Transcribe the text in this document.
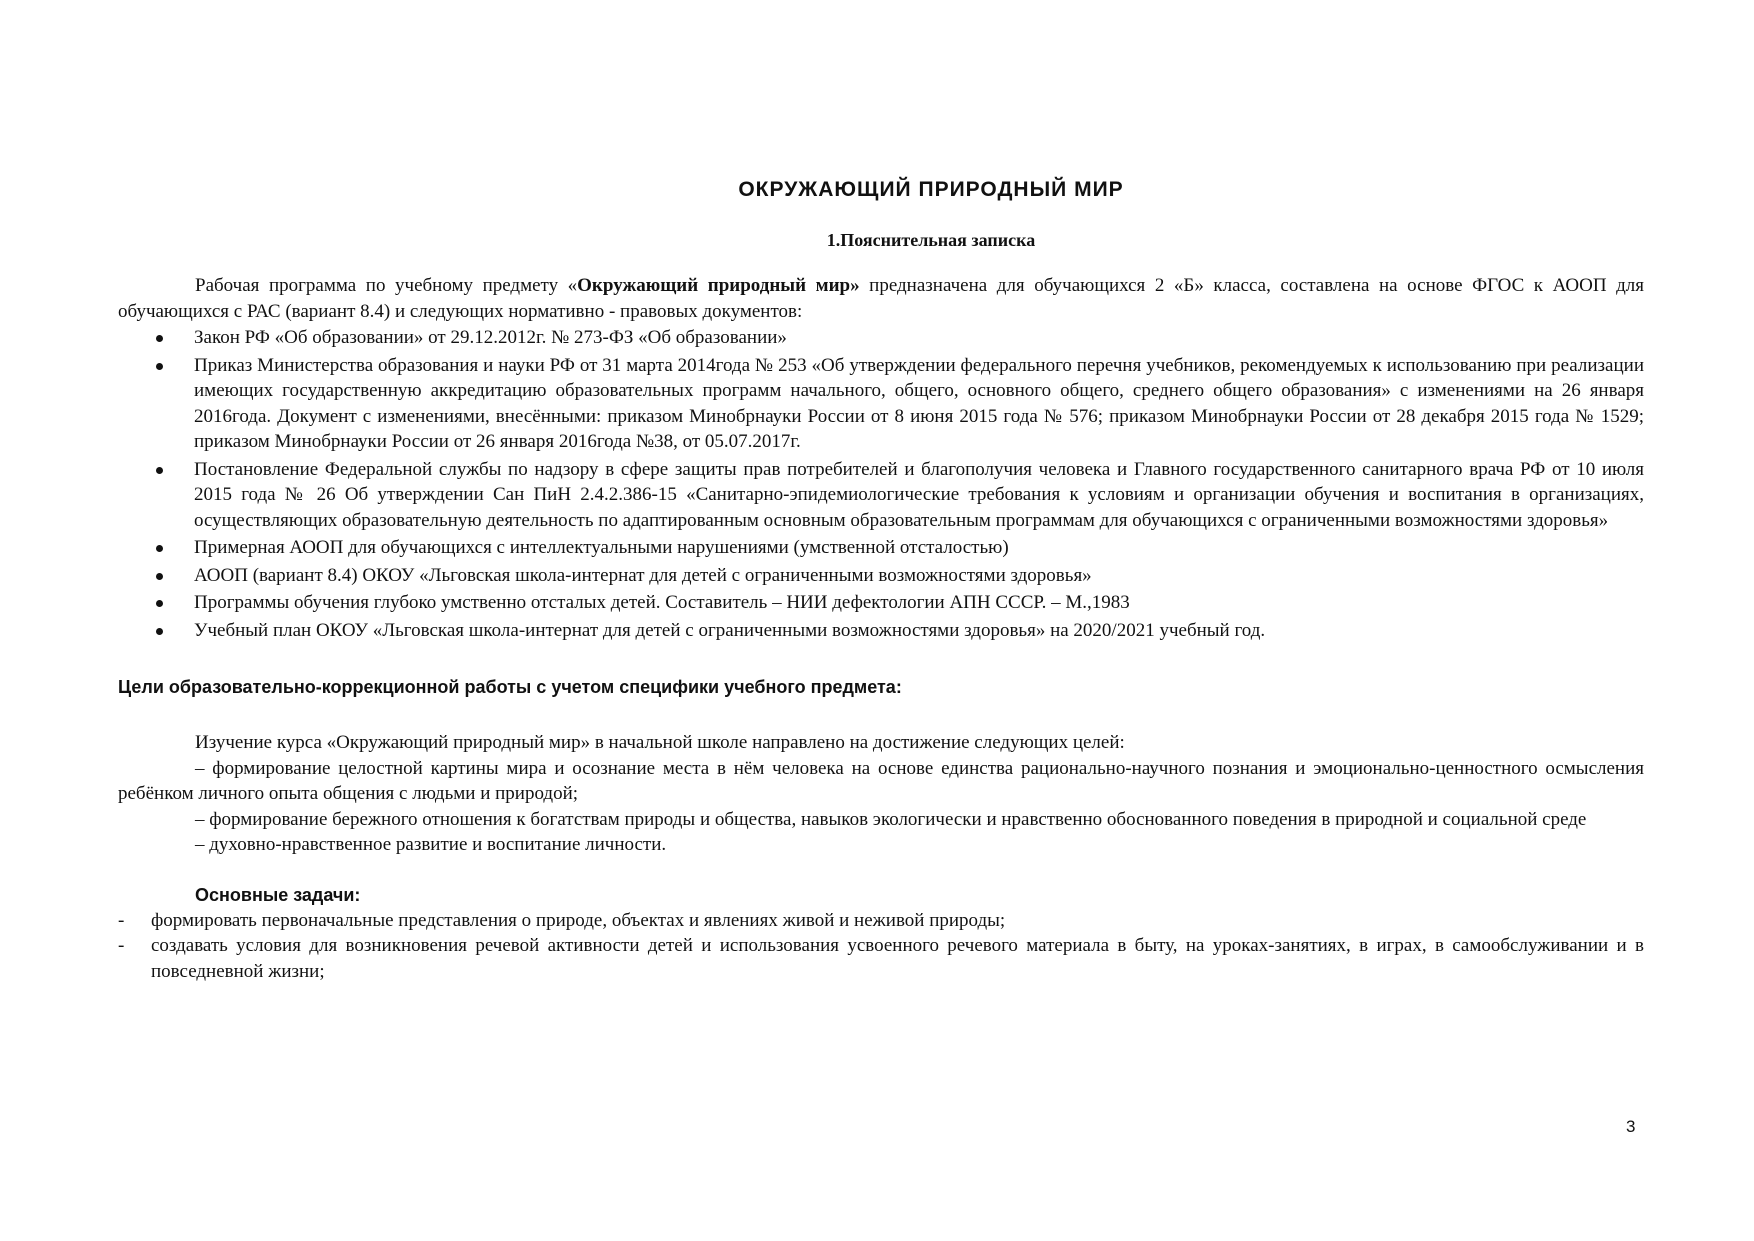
ОКРУЖАЮЩИЙ ПРИРОДНЫЙ МИР
1.Пояснительная записка

Рабочая программа по учебному предмету «Окружающий природный мир» предназначена для обучающихся 2 «Б» класса, составлена на основе ФГОС к АООП для обучающихся с РАС (вариант 8.4) и следующих нормативно - правовых документов:

Закон РФ «Об образовании» от 29.12.2012г. № 273-ФЗ «Об образовании»
Приказ Министерства образования и науки РФ от 31 марта 2014года № 253 «Об утверждении федерального перечня учебников, рекомендуемых к использованию при реализации имеющих государственную аккредитацию образовательных программ начального, общего, основного общего, среднего общего образования» с изменениями на 26 января 2016года. Документ с изменениями, внесёнными: приказом Минобрнауки России от 8 июня 2015 года № 576; приказом Минобрнауки России от 28 декабря 2015 года № 1529; приказом Минобрнауки России от 26 января 2016года №38, от 05.07.2017г.
Постановление Федеральной службы по надзору в сфере защиты прав потребителей и благополучия человека и Главного государственного санитарного врача РФ от 10 июля 2015 года № 26 Об утверждении Сан ПиН 2.4.2.386-15 «Санитарно-эпидемиологические требования к условиям и организации обучения и воспитания в организациях, осуществляющих образовательную деятельность по адаптированным основным образовательным программам для обучающихся с ограниченными возможностями здоровья»
Примерная АООП для обучающихся с интеллектуальными нарушениями (умственной отсталостью)
АООП (вариант 8.4) ОКОУ «Льговская школа-интернат для детей с ограниченными возможностями здоровья»
Программы обучения глубоко умственно отсталых детей. Составитель – НИИ дефектологии АПН СССР. – М.,1983
Учебный план ОКОУ «Льговская школа-интернат для детей с ограниченными возможностями здоровья» на 2020/2021 учебный год.
Цели образовательно-коррекционной работы с учетом специфики учебного предмета:

Изучение курса «Окружающий природный мир» в начальной школе направлено на достижение следующих целей:

– формирование целостной картины мира и осознание места в нём человека на основе единства рационально-научного познания и эмоционально-ценностного осмысления ребёнком личного опыта общения с людьми и природой;

– формирование бережного отношения к богатствам природы и общества, навыков экологически и нравственно обоснованного поведения в природной и социальной среде

– духовно-нравственное развитие и воспитание личности.

Основные задачи:
- формировать первоначальные представления о природе, объектах и явлениях живой и неживой природы;
- создавать условия для возникновения речевой активности детей и использования усвоенного речевого материала в быту, на уроках-занятиях, в играх, в самообслуживании и в повседневной жизни;
3
